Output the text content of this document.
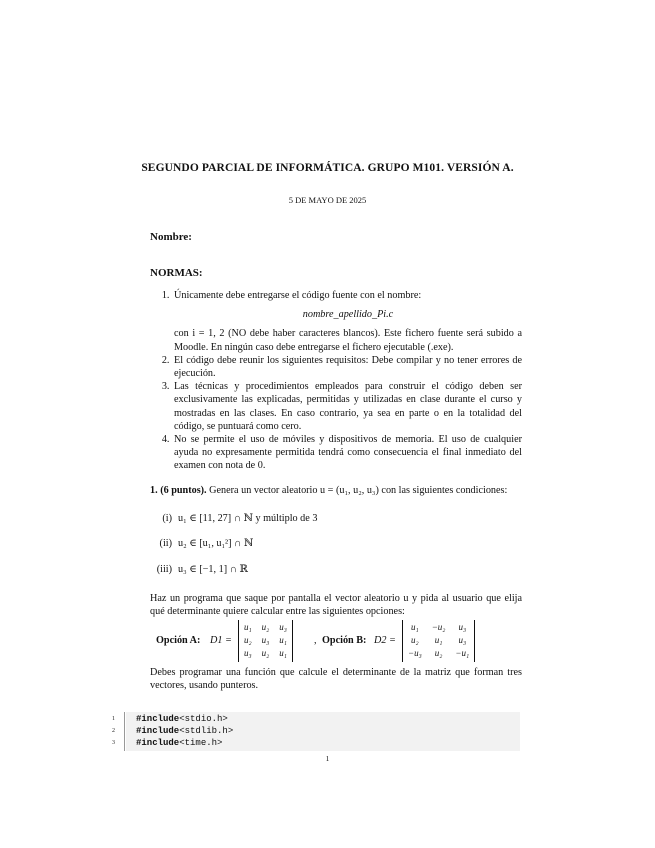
SEGUNDO PARCIAL DE INFORMÁTICA. GRUPO M101. VERSIÓN A.
5 DE MAYO DE 2025
Nombre:
NORMAS:
1. Únicamente debe entregarse el código fuente con el nombre:
nombre_apellido_Pi.c
con i = 1, 2 (NO debe haber caracteres blancos). Este fichero fuente será subido a Moodle. En ningún caso debe entregarse el fichero ejecutable (.exe).
2. El código debe reunir los siguientes requisitos: Debe compilar y no tener errores de ejecución.
3. Las técnicas y procedimientos empleados para construir el código deben ser exclusivamente las explicadas, permitidas y utilizadas en clase durante el curso y mostradas en las clases. En caso contrario, ya sea en parte o en la totalidad del código, se puntuará como cero.
4. No se permite el uso de móviles y dispositivos de memoria. El uso de cualquier ayuda no expresamente permitida tendrá como consecuencia el final inmediato del examen con nota de 0.
1. (6 puntos). Genera un vector aleatorio u = (u₁, u₂, u₃) con las siguientes condiciones:
(i) u₁ ∈ [11, 27] ∩ ℕ y múltiplo de 3
(ii) u₂ ∈ [u₁, u₁²] ∩ ℕ
(iii) u₃ ∈ [−1, 1] ∩ ℝ
Haz un programa que saque por pantalla el vector aleatorio u y pida al usuario que elija qué determinante quiere calcular entre las siguientes opciones:
Opción A: D1 =
u₁	u₂	u₃
u₂	u₃	u₁
u₃	u₂	u₁
, Opción B: D2 =
u₁	−u₂	u₃
u₂	u₁	u₃
−u₃	u₂	−u₁
Debes programar una función que calcule el determinante de la matriz que forman tres vectores, usando punteros.
#include<stdio.h>
#include<stdlib.h>
#include<time.h>
1
2
3
1
